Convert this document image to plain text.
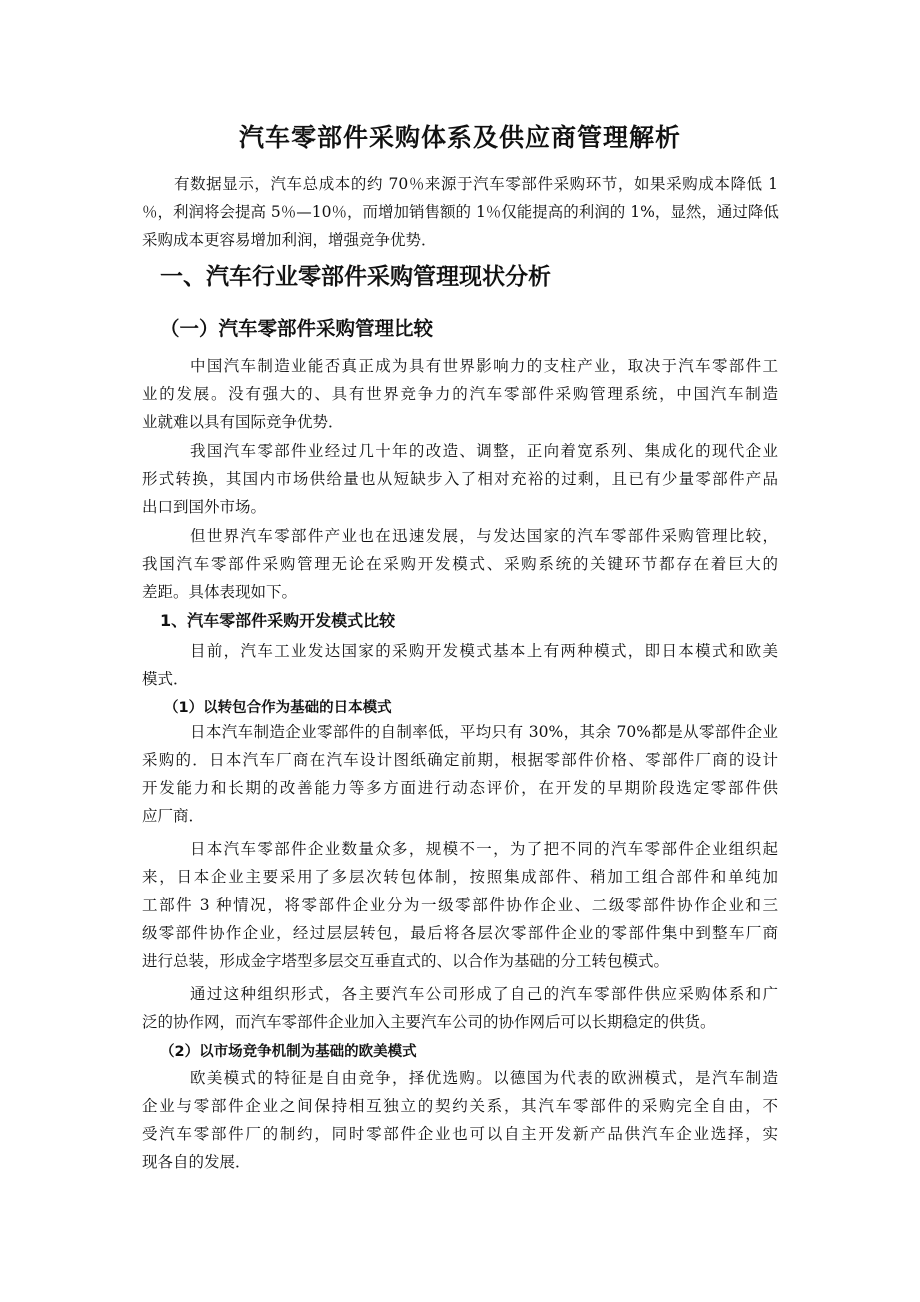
汽车零部件采购体系及供应商管理解析
有数据显示，汽车总成本的约 70％来源于汽车零部件采购环节，如果采购成本降低 1
％，利润将会提高 5％—10％，而增加销售额的 1％仅能提高的利润的 1%，显然，通过降低
采购成本更容易增加利润，增强竞争优势．
一、汽车行业零部件采购管理现状分析
（一）汽车零部件采购管理比较
中国汽车制造业能否真正成为具有世界影响力的支柱产业，取决于汽车零部件工
业的发展。没有强大的、具有世界竞争力的汽车零部件采购管理系统，中国汽车制造
业就难以具有国际竞争优势．
我国汽车零部件业经过几十年的改造、调整，正向着宽系列、集成化的现代企业
形式转换，其国内市场供给量也从短缺步入了相对充裕的过剩，且已有少量零部件产品
出口到国外市场。
但世界汽车零部件产业也在迅速发展，与发达国家的汽车零部件采购管理比较，
我国汽车零部件采购管理无论在采购开发模式、采购系统的关键环节都存在着巨大的
差距。具体表现如下。
1、汽车零部件采购开发模式比较
目前，汽车工业发达国家的采购开发模式基本上有两种模式，即日本模式和欧美
模式．
（1）以转包合作为基础的日本模式
日本汽车制造企业零部件的自制率低，平均只有 30%，其余 70%都是从零部件企业
采购的．日本汽车厂商在汽车设计图纸确定前期，根据零部件价格、零部件厂商的设计
开发能力和长期的改善能力等多方面进行动态评价，在开发的早期阶段选定零部件供
应厂商．
日本汽车零部件企业数量众多，规模不一，为了把不同的汽车零部件企业组织起
来，日本企业主要采用了多层次转包体制，按照集成部件、稍加工组合部件和单纯加
工部件 3 种情况，将零部件企业分为一级零部件协作企业、二级零部件协作企业和三
级零部件协作企业，经过层层转包，最后将各层次零部件企业的零部件集中到整车厂商
进行总装，形成金字塔型多层交互垂直式的、以合作为基础的分工转包模式。
通过这种组织形式，各主要汽车公司形成了自己的汽车零部件供应采购体系和广
泛的协作网，而汽车零部件企业加入主要汽车公司的协作网后可以长期稳定的供货。
（2）以市场竞争机制为基础的欧美模式
欧美模式的特征是自由竞争，择优选购。以德国为代表的欧洲模式，是汽车制造
企业与零部件企业之间保持相互独立的契约关系，其汽车零部件的采购完全自由，不
受汽车零部件厂的制约，同时零部件企业也可以自主开发新产品供汽车企业选择，实
现各自的发展．
